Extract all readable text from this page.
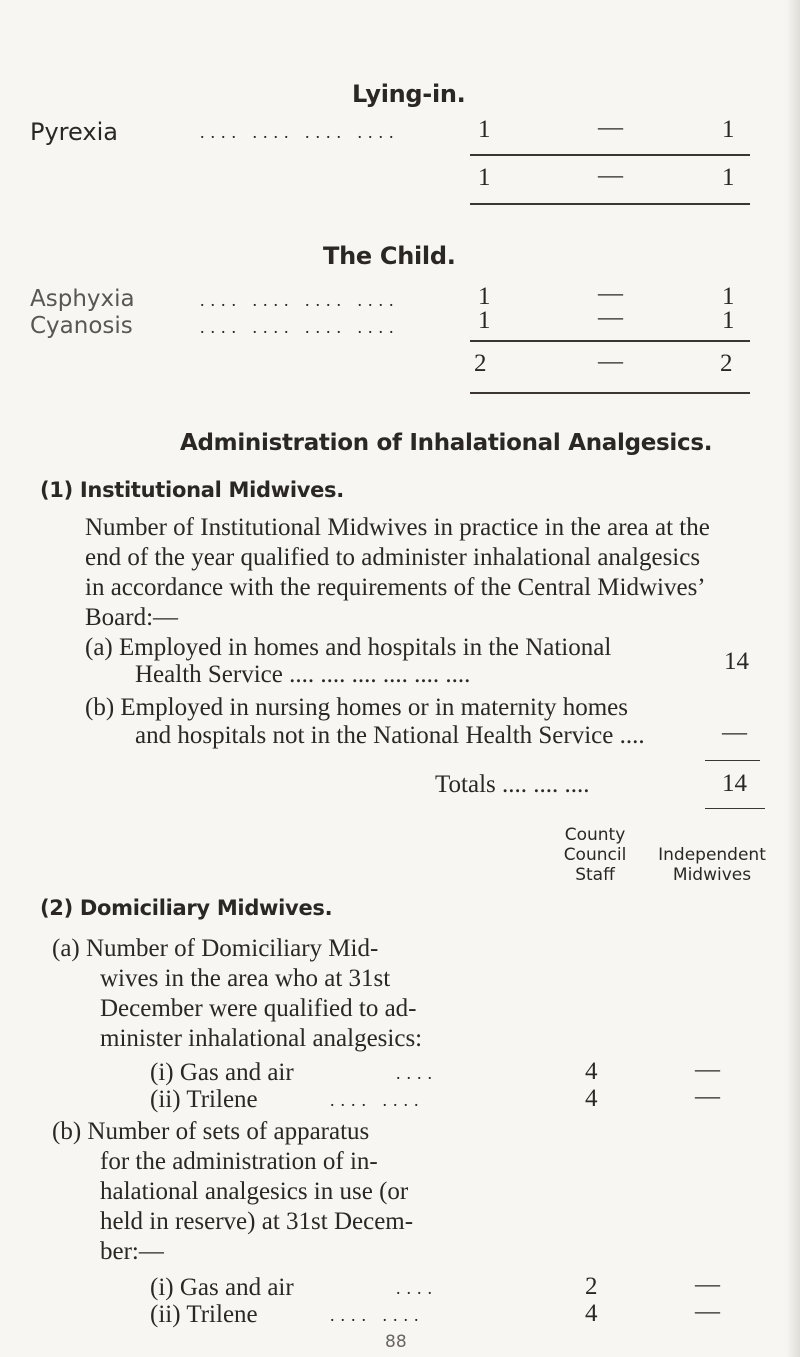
Lying-in.
Pyrexia	.... .... .... ....	1	—	1
1	—	1
The Child.
Asphyxia	.... .... .... ....	1	—	1
Cyanosis	.... .... .... ....	1	—	1
2	—	2
Administration of Inhalational Analgesics.
(1) Institutional Midwives.
Number of Institutional Midwives in practice in the area at the
end of the year qualified to administer inhalational analgesics
in accordance with the requirements of the Central Midwives’
Board:—
(a) Employed in homes and hospitals in the National
Health Service .... .... .... .... .... ....	14
(b) Employed in nursing homes or in maternity homes
and hospitals not in the National Health Service ....	—
Totals .... .... ....	14
County
Council
Staff
Independent
Midwives
(2) Domiciliary Midwives.
(a) Number of Domiciliary Mid-
wives in the area who at 31st
December were qualified to ad-
minister inhalational analgesics:
(i) Gas and air	....	4	—
(ii) Trilene	.... ....	4	—
(b) Number of sets of apparatus
for the administration of in-
halational analgesics in use (or
held in reserve) at 31st Decem-
ber:—
(i) Gas and air	....	2	—
(ii) Trilene	.... ....	4	—
88
